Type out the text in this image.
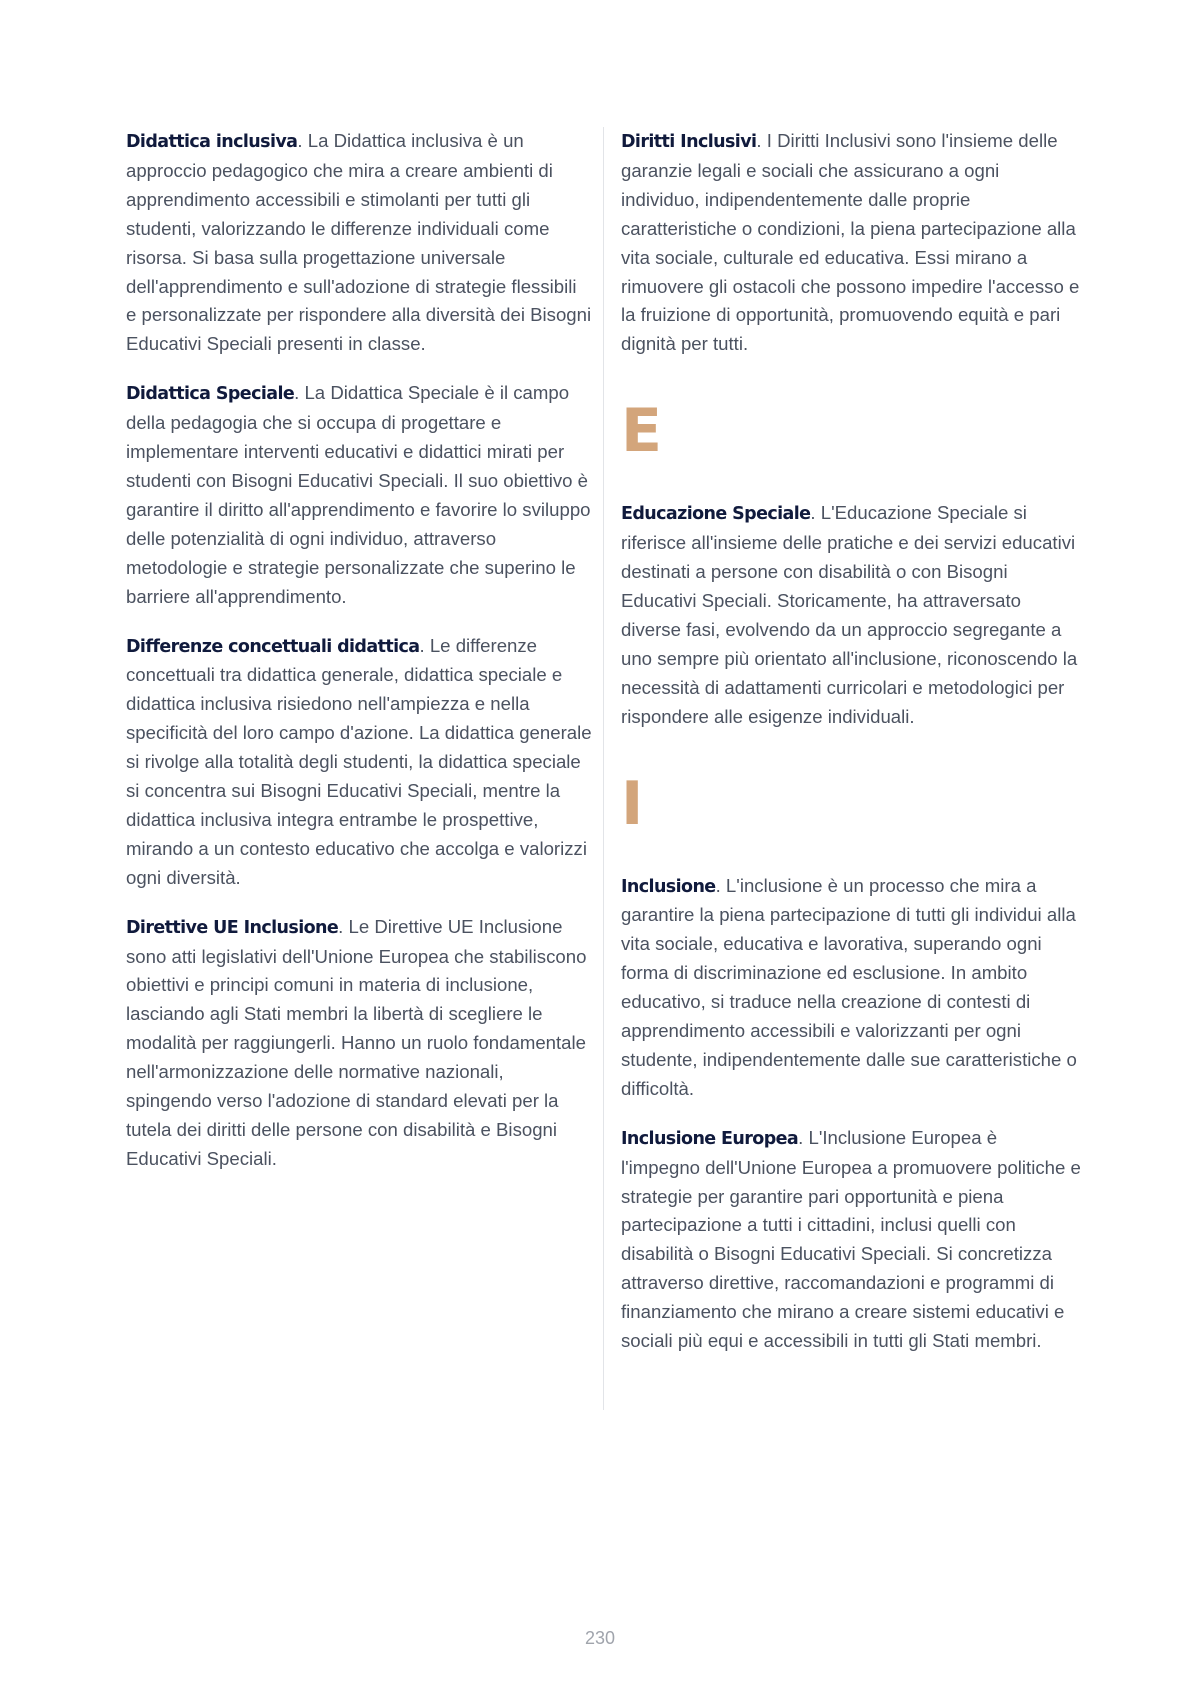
Didattica inclusiva. La Didattica inclusiva è un approccio pedagogico che mira a creare ambienti di apprendimento accessibili e stimolanti per tutti gli studenti, valorizzando le differenze individuali come risorsa. Si basa sulla progettazione universale dell'apprendimento e sull'adozione di strategie flessibili e personalizzate per rispondere alla diversità dei Bisogni Educativi Speciali presenti in classe.

Didattica Speciale. La Didattica Speciale è il campo della pedagogia che si occupa di progettare e implementare interventi educativi e didattici mirati per studenti con Bisogni Educativi Speciali. Il suo obiettivo è garantire il diritto all'apprendimento e favorire lo sviluppo delle potenzialità di ogni individuo, attraverso metodologie e strategie personalizzate che superino le barriere all'apprendimento.

Differenze concettuali didattica. Le differenze concettuali tra didattica generale, didattica speciale e didattica inclusiva risiedono nell'ampiezza e nella specificità del loro campo d'azione. La didattica generale si rivolge alla totalità degli studenti, la didattica speciale si concentra sui Bisogni Educativi Speciali, mentre la didattica inclusiva integra entrambe le prospettive, mirando a un contesto educativo che accolga e valorizzi ogni diversità.

Direttive UE Inclusione. Le Direttive UE Inclusione sono atti legislativi dell'Unione Europea che stabiliscono obiettivi e principi comuni in materia di inclusione, lasciando agli Stati membri la libertà di scegliere le modalità per raggiungerli. Hanno un ruolo fondamentale nell'armonizzazione delle normative nazionali, spingendo verso l'adozione di standard elevati per la tutela dei diritti delle persone con disabilità e Bisogni Educativi Speciali.

Diritti Inclusivi. I Diritti Inclusivi sono l'insieme delle garanzie legali e sociali che assicurano a ogni individuo, indipendentemente dalle proprie caratteristiche o condizioni, la piena partecipazione alla vita sociale, culturale ed educativa. Essi mirano a rimuovere gli ostacoli che possono impedire l'accesso e la fruizione di opportunità, promuovendo equità e pari dignità per tutti.

E

Educazione Speciale. L'Educazione Speciale si riferisce all'insieme delle pratiche e dei servizi educativi destinati a persone con disabilità o con Bisogni Educativi Speciali. Storicamente, ha attraversato diverse fasi, evolvendo da un approccio segregante a uno sempre più orientato all'inclusione, riconoscendo la necessità di adattamenti curricolari e metodologici per rispondere alle esigenze individuali.

I

Inclusione. L'inclusione è un processo che mira a garantire la piena partecipazione di tutti gli individui alla vita sociale, educativa e lavorativa, superando ogni forma di discriminazione ed esclusione. In ambito educativo, si traduce nella creazione di contesti di apprendimento accessibili e valorizzanti per ogni studente, indipendentemente dalle sue caratteristiche o difficoltà.

Inclusione Europea. L'Inclusione Europea è l'impegno dell'Unione Europea a promuovere politiche e strategie per garantire pari opportunità e piena partecipazione a tutti i cittadini, inclusi quelli con disabilità o Bisogni Educativi Speciali. Si concretizza attraverso direttive, raccomandazioni e programmi di finanziamento che mirano a creare sistemi educativi e sociali più equi e accessibili in tutti gli Stati membri.

230
